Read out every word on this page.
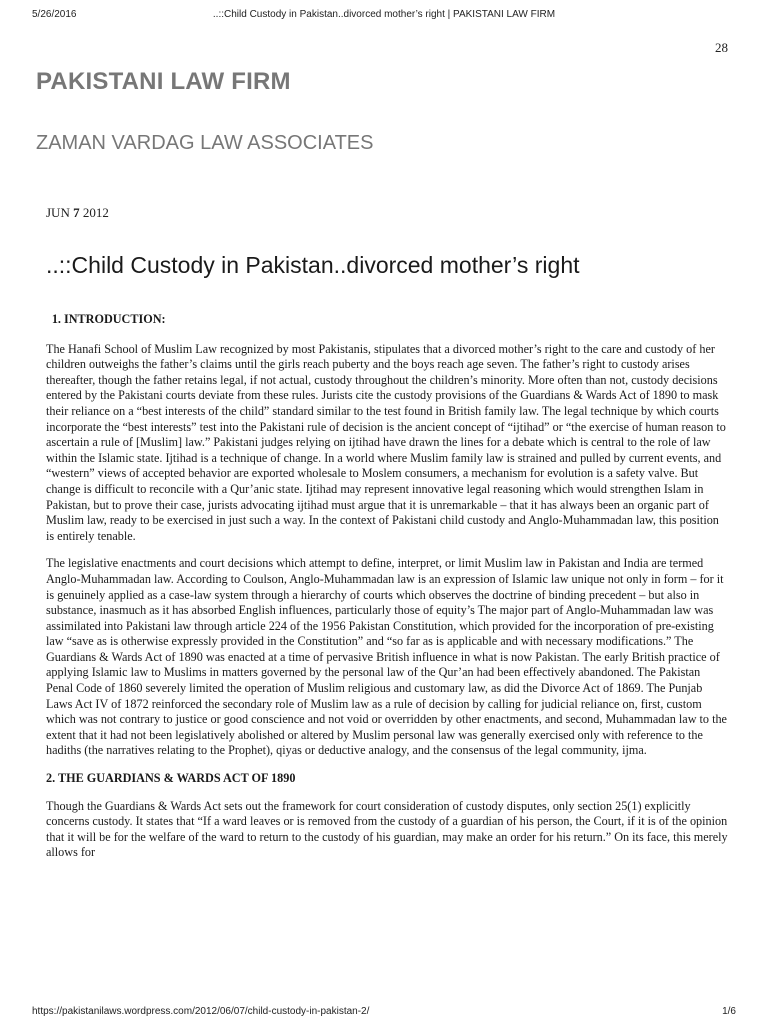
5/26/2016	..::Child Custody in Pakistan..divorced mother’s right | PAKISTANI LAW FIRM
28
PAKISTANI LAW FIRM
ZAMAN VARDAG LAW ASSOCIATES
JUN 7 2012
..::Child Custody in Pakistan..divorced mother’s right
1. INTRODUCTION:

The Hanafi School of Muslim Law recognized by most Pakistanis, stipulates that a divorced mother’s right to the care and custody of her children outweighs the father’s claims until the girls reach puberty and the boys reach age seven. The father’s right to custody arises thereafter, though the father retains legal, if not actual, custody throughout the children’s minority. More often than not, custody decisions entered by the Pakistani courts deviate from these rules. Jurists cite the custody provisions of the Guardians & Wards Act of 1890 to mask their reliance on a “best interests of the child” standard similar to the test found in British family law. The legal technique by which courts incorporate the “best interests” test into the Pakistani rule of decision is the ancient concept of “ijtihad” or “the exercise of human reason to ascertain a rule of [Muslim] law.” Pakistani judges relying on ijtihad have drawn the lines for a debate which is central to the role of law within the Islamic state. Ijtihad is a technique of change. In a world where Muslim family law is strained and pulled by current events, and “western” views of accepted behavior are exported wholesale to Moslem consumers, a mechanism for evolution is a safety valve. But change is difficult to reconcile with a Qur’anic state. Ijtihad may represent innovative legal reasoning which would strengthen Islam in Pakistan, but to prove their case, jurists advocating ijtihad must argue that it is unremarkable – that it has always been an organic part of Muslim law, ready to be exercised in just such a way. In the context of Pakistani child custody and Anglo-Muhammadan law, this position is entirely tenable.

The legislative enactments and court decisions which attempt to define, interpret, or limit Muslim law in Pakistan and India are termed Anglo-Muhammadan law. According to Coulson, Anglo-Muhammadan law is an expression of Islamic law unique not only in form – for it is genuinely applied as a case-law system through a hierarchy of courts which observes the doctrine of binding precedent – but also in substance, inasmuch as it has absorbed English influences, particularly those of equity’s The major part of Anglo-Muhammadan law was assimilated into Pakistani law through article 224 of the 1956 Pakistan Constitution, which provided for the incorporation of pre-existing law “save as is otherwise expressly provided in the Constitution” and “so far as is applicable and with necessary modifications.” The Guardians & Wards Act of 1890 was enacted at a time of pervasive British influence in what is now Pakistan. The early British practice of applying Islamic law to Muslims in matters governed by the personal law of the Qur’an had been effectively abandoned. The Pakistan Penal Code of 1860 severely limited the operation of Muslim religious and customary law, as did the Divorce Act of 1869. The Punjab Laws Act IV of 1872 reinforced the secondary role of Muslim law as a rule of decision by calling for judicial reliance on, first, custom which was not contrary to justice or good conscience and not void or overridden by other enactments, and second, Muhammadan law to the extent that it had not been legislatively abolished or altered by Muslim personal law was generally exercised only with reference to the hadiths (the narratives relating to the Prophet), qiyas or deductive analogy, and the consensus of the legal community, ijma.

2. THE GUARDIANS & WARDS ACT OF 1890

Though the Guardians & Wards Act sets out the framework for court consideration of custody disputes, only section 25(1) explicitly concerns custody. It states that “If a ward leaves or is removed from the custody of a guardian of his person, the Court, if it is of the opinion that it will be for the welfare of the ward to return to the custody of his guardian, may make an order for his return.” On its face, this merely allows for

https://pakistanilaws.wordpress.com/2012/06/07/child-custody-in-pakistan-2/	1/6
